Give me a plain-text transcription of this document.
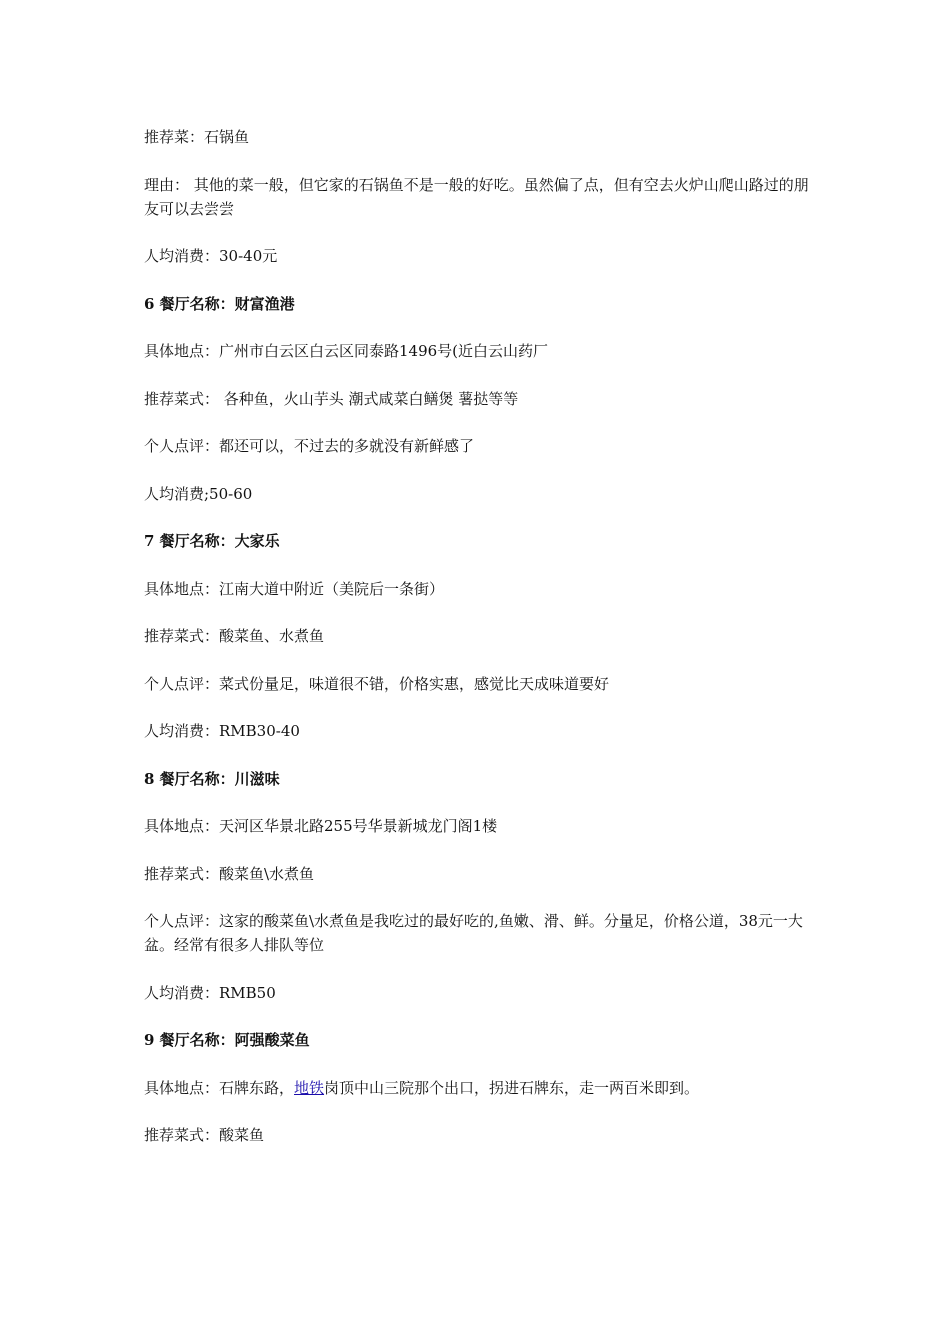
推荐菜：石锅鱼

理由： 其他的菜一般，但它家的石锅鱼不是一般的好吃。虽然偏了点，但有空去火炉山爬山路过的朋友可以去尝尝

人均消费：30-40元

6 餐厅名称：财富渔港

具体地点：广州市白云区白云区同泰路1496号(近白云山药厂

推荐菜式： 各种鱼，火山芋头 潮式咸菜白鳝煲 薯挞等等

个人点评：都还可以，不过去的多就没有新鲜感了

人均消费;50-60

7 餐厅名称：大家乐

具体地点：江南大道中附近（美院后一条街）

推荐菜式：酸菜鱼、水煮鱼

个人点评：菜式份量足，味道很不错，价格实惠，感觉比天成味道要好

人均消费：RMB30-40

8 餐厅名称：川滋味

具体地点：天河区华景北路255号华景新城龙门阁1楼

推荐菜式：酸菜鱼\水煮鱼

个人点评：这家的酸菜鱼\水煮鱼是我吃过的最好吃的,鱼嫩、滑、鲜。分量足，价格公道，38元一大盆。经常有很多人排队等位

人均消费：RMB50

9 餐厅名称：阿强酸菜鱼

具体地点：石牌东路，地铁岗顶中山三院那个出口，拐进石牌东，走一两百米即到。

推荐菜式：酸菜鱼
